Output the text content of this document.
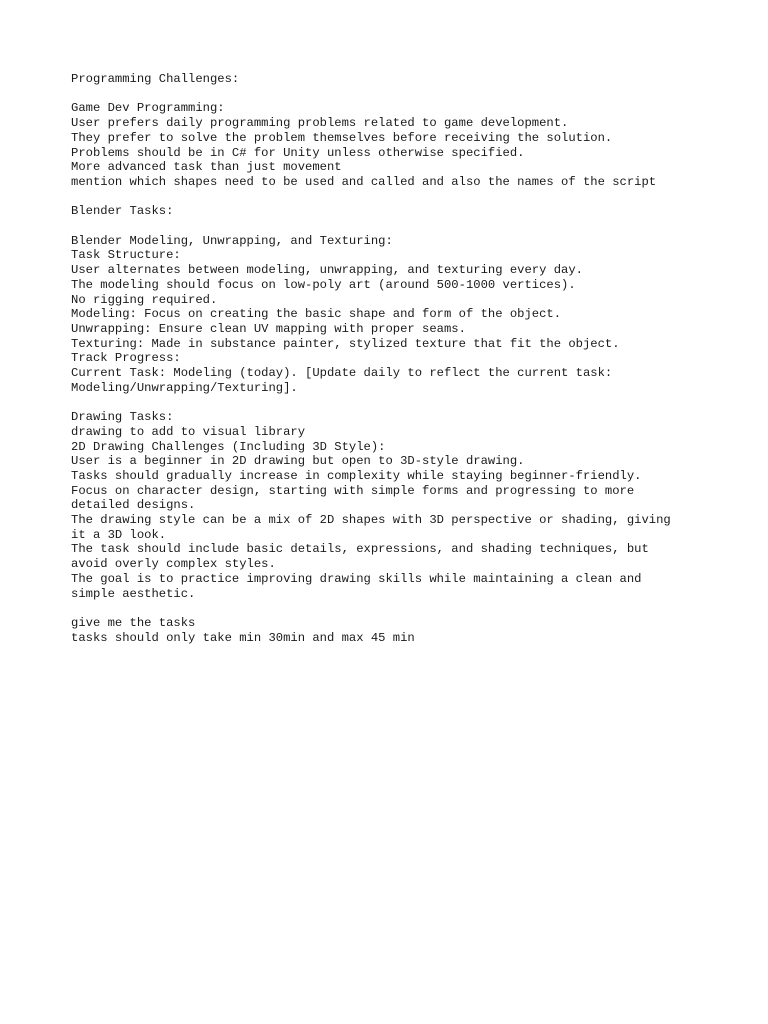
Programming Challenges:
Game Dev Programming:
User prefers daily programming problems related to game development.
They prefer to solve the problem themselves before receiving the solution.
Problems should be in C# for Unity unless otherwise specified.
More advanced task than just movement
mention which shapes need to be used and called and also the names of the script
Blender Tasks:
Blender Modeling, Unwrapping, and Texturing:
Task Structure:
User alternates between modeling, unwrapping, and texturing every day.
The modeling should focus on low-poly art (around 500-1000 vertices).
No rigging required.
Modeling: Focus on creating the basic shape and form of the object.
Unwrapping: Ensure clean UV mapping with proper seams.
Texturing: Made in substance painter, stylized texture that fit the object.
Track Progress:
Current Task: Modeling (today). [Update daily to reflect the current task:
Modeling/Unwrapping/Texturing].
Drawing Tasks:
drawing to add to visual library
2D Drawing Challenges (Including 3D Style):
User is a beginner in 2D drawing but open to 3D-style drawing.
Tasks should gradually increase in complexity while staying beginner-friendly.
Focus on character design, starting with simple forms and progressing to more
detailed designs.
The drawing style can be a mix of 2D shapes with 3D perspective or shading, giving
it a 3D look.
The task should include basic details, expressions, and shading techniques, but
avoid overly complex styles.
The goal is to practice improving drawing skills while maintaining a clean and
simple aesthetic.
give me the tasks
tasks should only take min 30min and max 45 min
